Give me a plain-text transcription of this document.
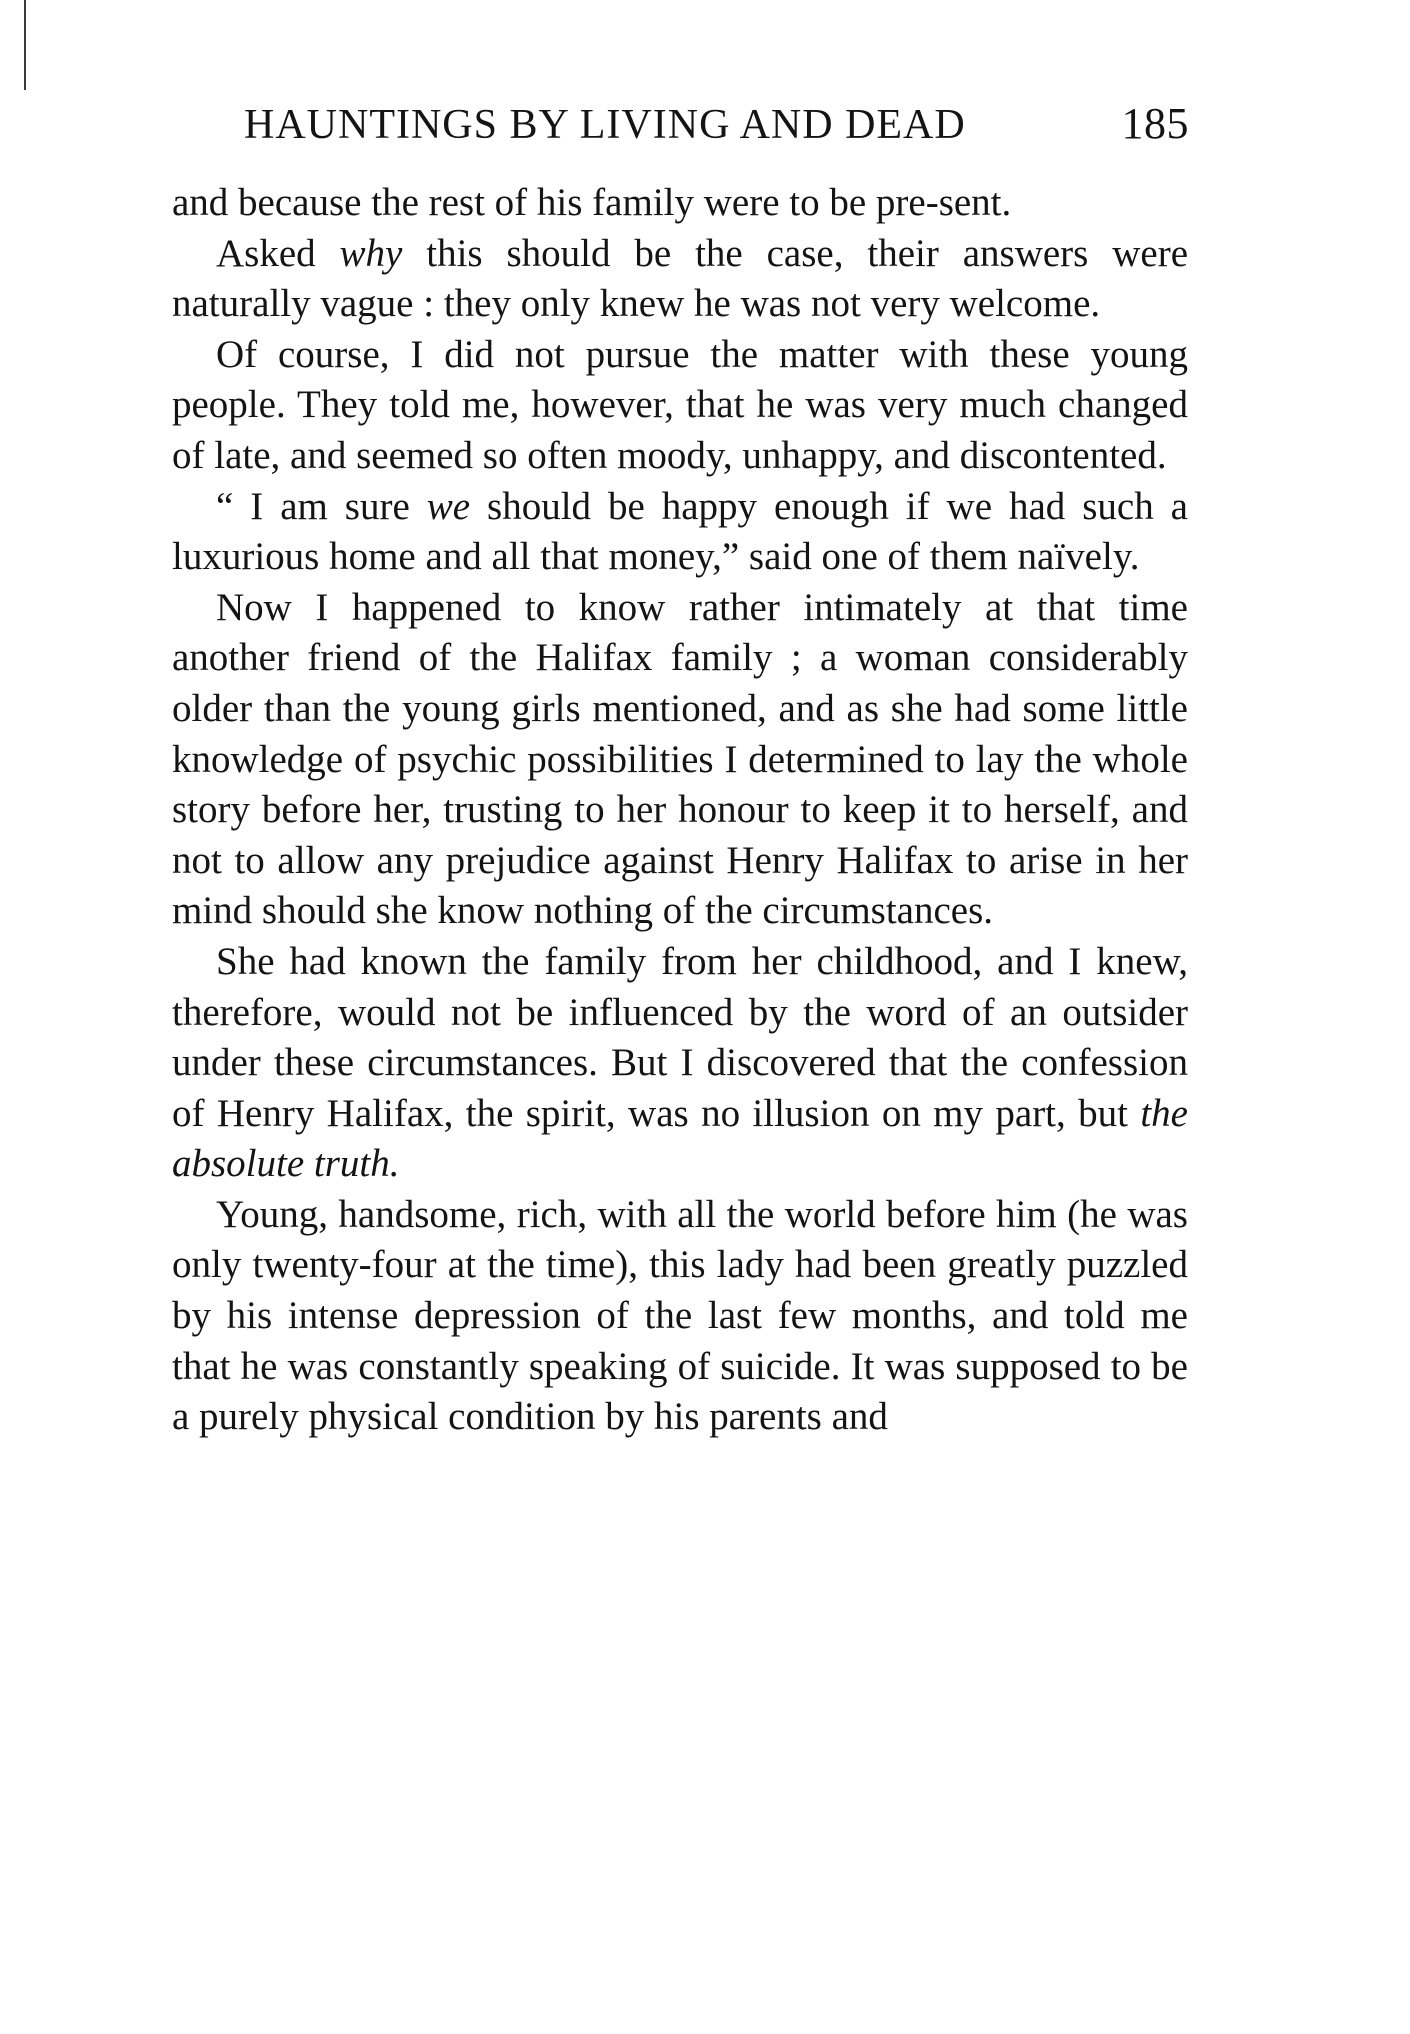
HAUNTINGS BY LIVING AND DEAD	185

and because the rest of his family were to be pre-sent.

Asked why this should be the case, their answers were naturally vague : they only knew he was not very welcome.

Of course, I did not pursue the matter with these young people. They told me, however, that he was very much changed of late, and seemed so often moody, unhappy, and discontented.

“ I am sure we should be happy enough if we had such a luxurious home and all that money,” said one of them naïvely.

Now I happened to know rather intimately at that time another friend of the Halifax family ; a woman considerably older than the young girls mentioned, and as she had some little knowledge of psychic possibilities I determined to lay the whole story before her, trusting to her honour to keep it to herself, and not to allow any prejudice against Henry Halifax to arise in her mind should she know nothing of the circumstances.

She had known the family from her childhood, and I knew, therefore, would not be influenced by the word of an outsider under these circumstances. But I discovered that the confession of Henry Halifax, the spirit, was no illusion on my part, but the absolute truth.

Young, handsome, rich, with all the world before him (he was only twenty-four at the time), this lady had been greatly puzzled by his intense depression of the last few months, and told me that he was constantly speaking of suicide. It was supposed to be a purely physical condition by his parents and
